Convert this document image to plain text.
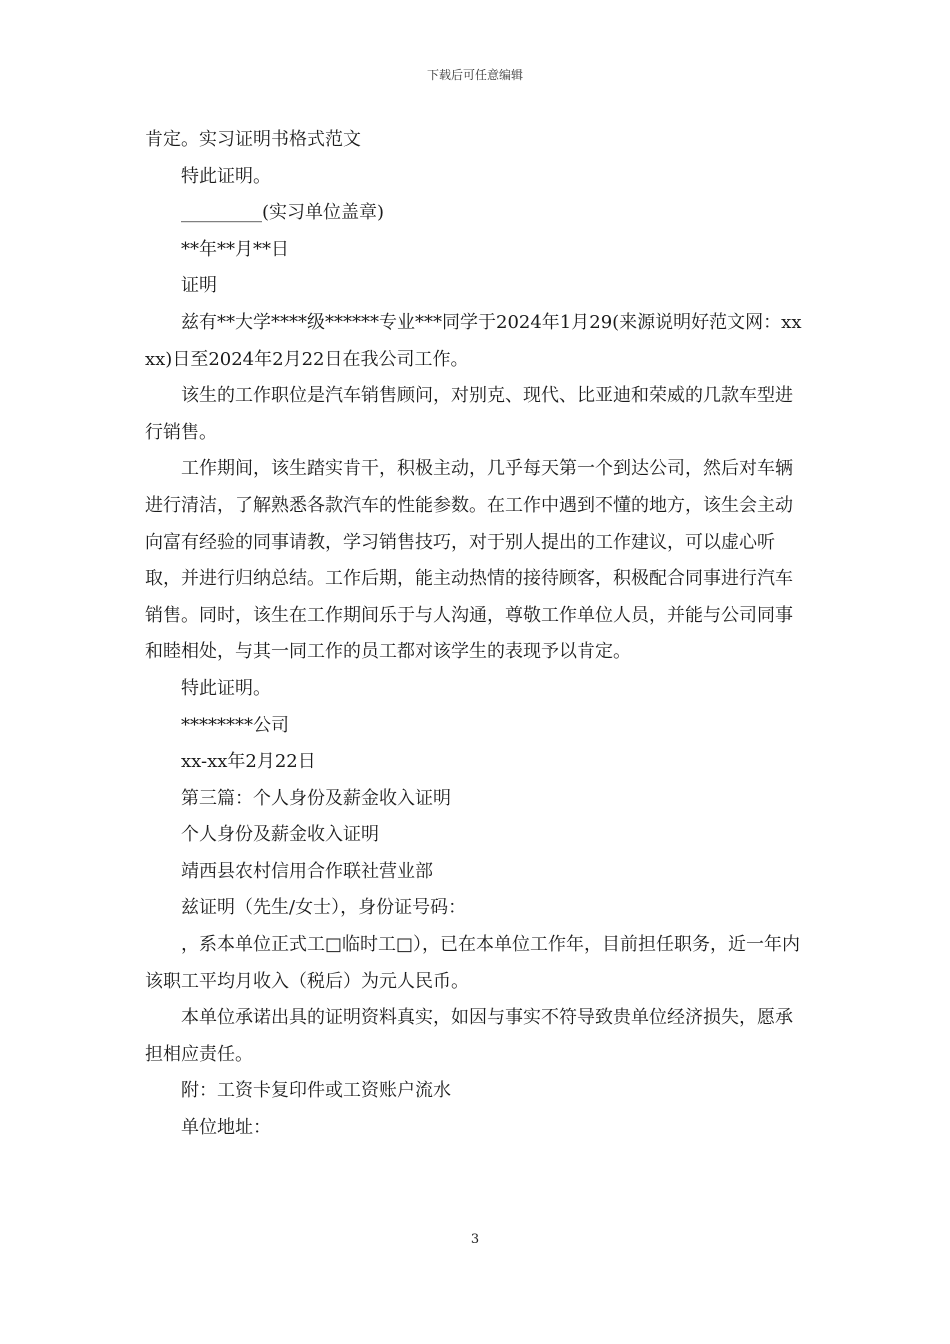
下载后可任意编辑

肯定。实习证明书格式范文

特此证明。

_________(实习单位盖章)

**年**月**日

证明

兹有**大学****级******专业***同学于2024年1月29(来源说明好范文网：xxxx)日至2024年2月22日在我公司工作。

该生的工作职位是汽车销售顾问，对别克、现代、比亚迪和荣威的几款车型进行销售。

工作期间，该生踏实肯干，积极主动，几乎每天第一个到达公司，然后对车辆进行清洁，了解熟悉各款汽车的性能参数。在工作中遇到不懂的地方，该生会主动向富有经验的同事请教，学习销售技巧，对于别人提出的工作建议，可以虚心听取，并进行归纳总结。工作后期，能主动热情的接待顾客，积极配合同事进行汽车销售。同时，该生在工作期间乐于与人沟通，尊敬工作单位人员，并能与公司同事和睦相处，与其一同工作的员工都对该学生的表现予以肯定。

特此证明。

********公司

xx-xx年2月22日

第三篇：个人身份及薪金收入证明

个人身份及薪金收入证明

靖西县农村信用合作联社营业部

兹证明（先生/女士），身份证号码：

，系本单位正式工□临时工□），已在本单位工作年，目前担任职务，近一年内该职工平均月收入（税后）为元人民币。

本单位承诺出具的证明资料真实，如因与事实不符导致贵单位经济损失，愿承担相应责任。

附：工资卡复印件或工资账户流水

单位地址：

3
